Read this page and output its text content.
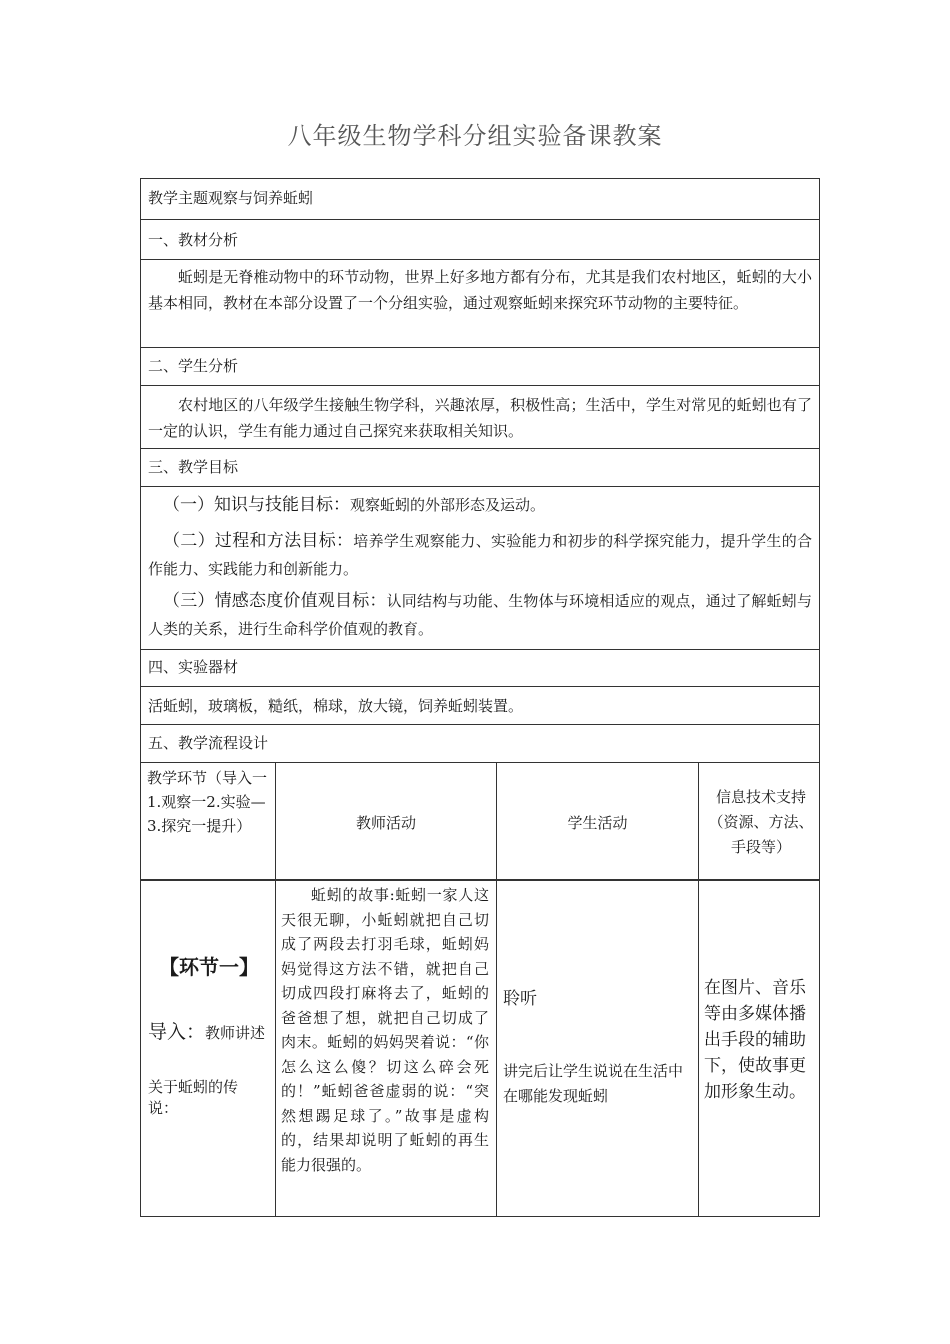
八年级生物学科分组实验备课教案
教学主题观察与饲养蚯蚓
一、教材分析
蚯蚓是无脊椎动物中的环节动物，世界上好多地方都有分布，尤其是我们农村地区，蚯蚓的大小基本相同，教材在本部分设置了一个分组实验，通过观察蚯蚓来探究环节动物的主要特征。
二、学生分析
农村地区的八年级学生接触生物学科，兴趣浓厚，积极性高；生活中，学生对常见的蚯蚓也有了一定的认识，学生有能力通过自己探究来获取相关知识。
三、教学目标
（一）知识与技能目标：观察蚯蚓的外部形态及运动。
（二）过程和方法目标：培养学生观察能力、实验能力和初步的科学探究能力，提升学生的合作能力、实践能力和创新能力。
（三）情感态度价值观目标：认同结构与功能、生物体与环境相适应的观点，通过了解蚯蚓与人类的关系，进行生命科学价值观的教育。
四、实验器材
活蚯蚓，玻璃板，糙纸，棉球，放大镜，饲养蚯蚓装置。
五、教学流程设计
教学环节（导入一 1.观察一2.实验—3.探究一提升）	教师活动	学生活动
信息技术支持（资源、方法、手段等）
【环节一】
导入：教师讲述
关于蚯蚓的传说：
蚯蚓的故事:蚯蚓一家人这天很无聊，小蚯蚓就把自己切成了两段去打羽毛球，蚯蚓妈妈觉得这方法不错，就把自己切成四段打麻将去了，蚯蚓的爸爸想了想，就把自己切成了肉末。蚯蚓的妈妈哭着说：“你怎么这么傻？切这么碎会死的！”蚯蚓爸爸虚弱的说：“突然想踢足球了。”故事是虚构的，结果却说明了蚯蚓的再生能力很强的。
聆听
讲完后让学生说说在生活中在哪能发现蚯蚓
在图片、音乐等由多媒体播出手段的辅助下，使故事更加形象生动。
